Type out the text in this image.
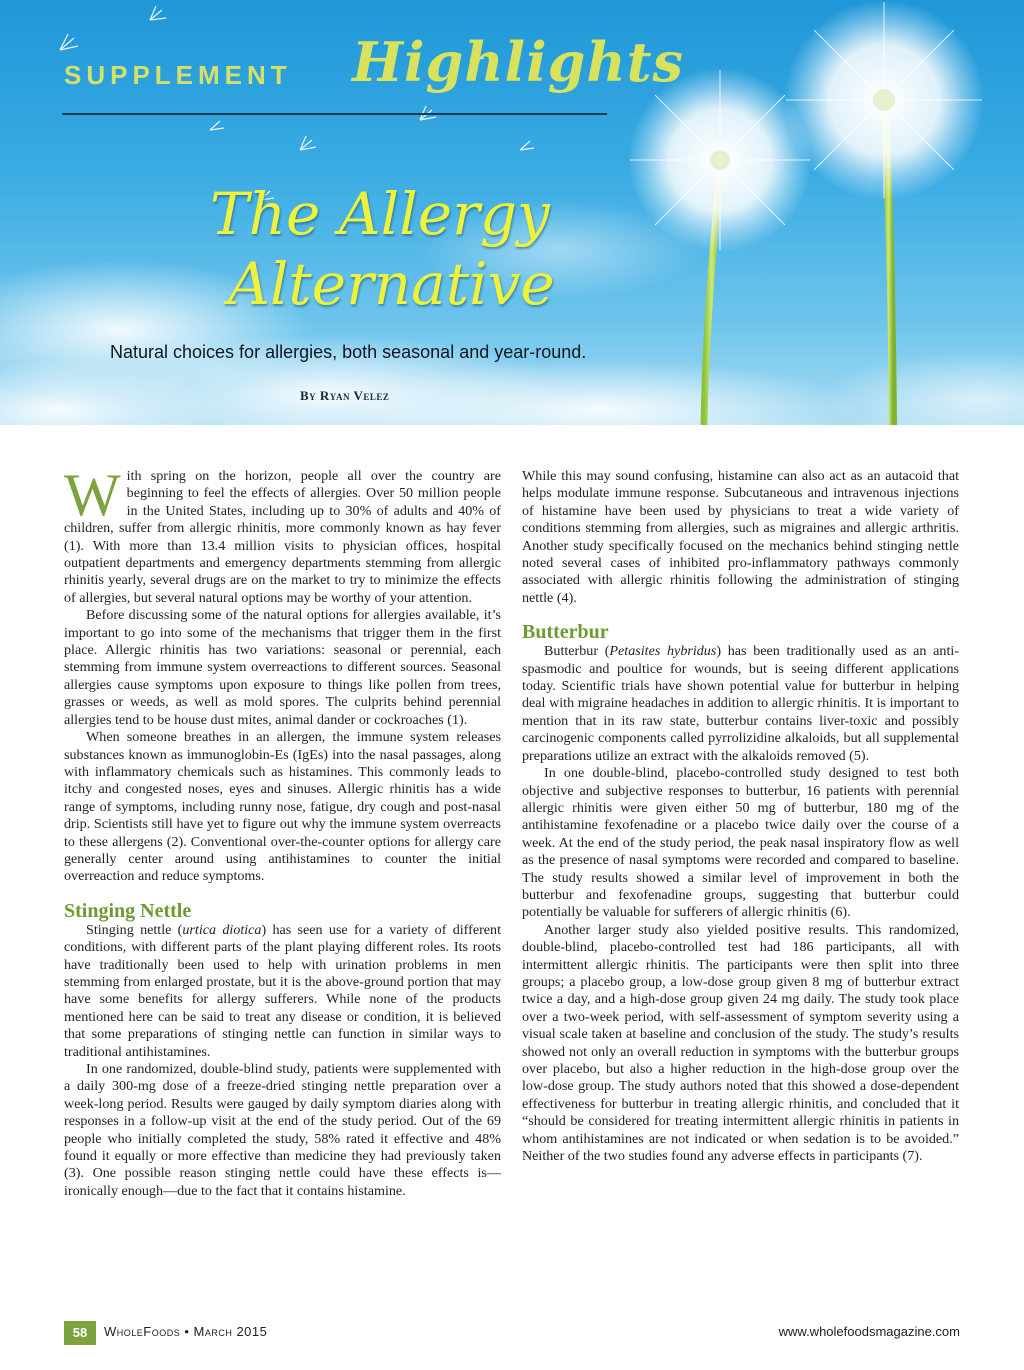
SUPPLEMENT Highlights
The Allergy
Alternative
Natural choices for allergies, both seasonal and year-round.
By Ryan Velez

With spring on the horizon, people all over the country are beginning to feel the effects of allergies. Over 50 million people in the United States, including up to 30% of adults and 40% of children, suffer from allergic rhinitis, more commonly known as hay fever (1). With more than 13.4 million visits to physician offices, hospital outpatient departments and emergency departments stemming from allergic rhinitis yearly, several drugs are on the market to try to minimize the effects of allergies, but several natural options may be worthy of your attention.

Before discussing some of the natural options for allergies available, it’s important to go into some of the mechanisms that trigger them in the first place. Allergic rhinitis has two variations: seasonal or perennial, each stemming from immune system overreactions to different sources. Seasonal allergies cause symptoms upon exposure to things like pollen from trees, grasses or weeds, as well as mold spores. The culprits behind perennial allergies tend to be house dust mites, animal dander or cockroaches (1).

When someone breathes in an allergen, the immune system releases substances known as immunoglobin-Es (IgEs) into the nasal passages, along with inflammatory chemicals such as histamines. This commonly leads to itchy and congested noses, eyes and sinuses. Allergic rhinitis has a wide range of symptoms, including runny nose, fatigue, dry cough and post-nasal drip. Scientists still have yet to figure out why the immune system overreacts to these allergens (2). Conventional over-the-counter options for allergy care generally center around using antihistamines to counter the initial overreaction and reduce symptoms.

Stinging Nettle

Stinging nettle (urtica diotica) has seen use for a variety of different conditions, with different parts of the plant playing different roles. Its roots have traditionally been used to help with urination problems in men stemming from enlarged prostate, but it is the above-ground portion that may have some benefits for allergy sufferers. While none of the products mentioned here can be said to treat any disease or condition, it is believed that some preparations of stinging nettle can function in similar ways to traditional antihistamines.

In one randomized, double-blind study, patients were supplemented with a daily 300-mg dose of a freeze-dried stinging nettle preparation over a week-long period. Results were gauged by daily symptom diaries along with responses in a follow-up visit at the end of the study period. Out of the 69 people who initially completed the study, 58% rated it effective and 48% found it equally or more effective than medicine they had previously taken (3). One possible reason stinging nettle could have these effects is—ironically enough—due to the fact that it contains histamine.

While this may sound confusing, histamine can also act as an autacoid that helps modulate immune response. Subcutaneous and intravenous injections of histamine have been used by physicians to treat a wide variety of conditions stemming from allergies, such as migraines and allergic arthritis. Another study specifically focused on the mechanics behind stinging nettle noted several cases of inhibited pro-inflammatory pathways commonly associated with allergic rhinitis following the administration of stinging nettle (4).

Butterbur

Butterbur (Petasites hybridus) has been traditionally used as an anti-spasmodic and poultice for wounds, but is seeing different applications today. Scientific trials have shown potential value for butterbur in helping deal with migraine headaches in addition to allergic rhinitis. It is important to mention that in its raw state, butterbur contains liver-toxic and possibly carcinogenic components called pyrrolizidine alkaloids, but all supplemental preparations utilize an extract with the alkaloids removed (5).

In one double-blind, placebo-controlled study designed to test both objective and subjective responses to butterbur, 16 patients with perennial allergic rhinitis were given either 50 mg of butterbur, 180 mg of the antihistamine fexofenadine or a placebo twice daily over the course of a week. At the end of the study period, the peak nasal inspiratory flow as well as the presence of nasal symptoms were recorded and compared to baseline. The study results showed a similar level of improvement in both the butterbur and fexofenadine groups, suggesting that butterbur could potentially be valuable for sufferers of allergic rhinitis (6).

Another larger study also yielded positive results. This randomized, double-blind, placebo-controlled test had 186 participants, all with intermittent allergic rhinitis. The participants were then split into three groups; a placebo group, a low-dose group given 8 mg of butterbur extract twice a day, and a high-dose group given 24 mg daily. The study took place over a two-week period, with self-assessment of symptom severity using a visual scale taken at baseline and conclusion of the study. The study’s results showed not only an overall reduction in symptoms with the butterbur groups over placebo, but also a higher reduction in the high-dose group over the low-dose group. The study authors noted that this showed a dose-dependent effectiveness for butterbur in treating allergic rhinitis, and concluded that it “should be considered for treating intermittent allergic rhinitis in patients in whom antihistamines are not indicated or when sedation is to be avoided.” Neither of the two studies found any adverse effects in participants (7).

58	WholeFoods • March 2015	www.wholefoodsmagazine.com
